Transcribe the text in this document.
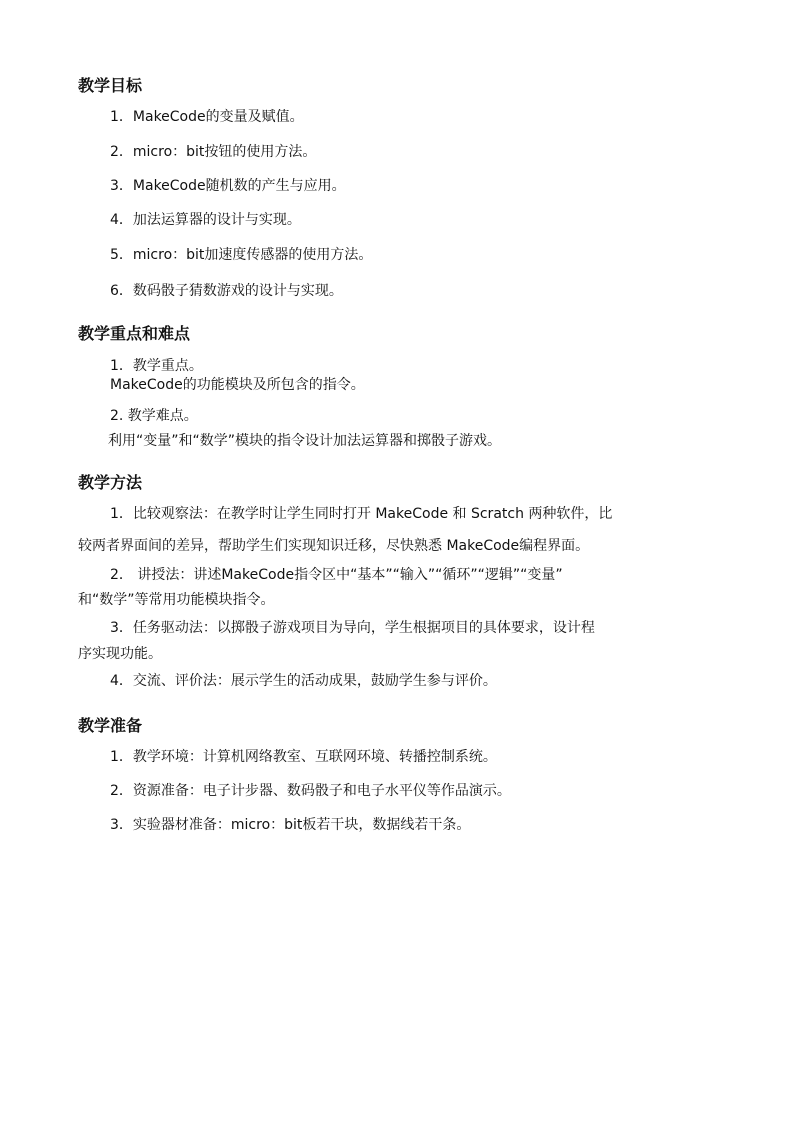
教学目标
1．MakeCode的变量及赋值。
2．micro：bit按钮的使用方法。
3．MakeCode随机数的产生与应用。
4．加法运算器的设计与实现。
5．micro：bit加速度传感器的使用方法。
6．数码骰子猜数游戏的设计与实现。
教学重点和难点
1．教学重点。
MakeCode的功能模块及所包含的指令。
2. 教学难点。
利用“变量”和“数学”模块的指令设计加法运算器和掷骰子游戏。
教学方法
1．比较观察法：在教学时让学生同时打开 MakeCode 和 Scratch 两种软件，比
较两者界面间的差异，帮助学生们实现知识迁移，尽快熟悉 MakeCode编程界面。
2． 讲授法：讲述MakeCode指令区中“基本”“输入”“循环”“逻辑”“变量”
和“数学”等常用功能模块指令。
3．任务驱动法：以掷骰子游戏项目为导向，学生根据项目的具体要求，设计程
序实现功能。
4．交流、评价法：展示学生的活动成果，鼓励学生参与评价。
教学准备
1．教学环境：计算机网络教室、互联网环境、转播控制系统。
2．资源准备：电子计步器、数码骰子和电子水平仪等作品演示。
3．实验器材准备：micro：bit板若干块，数据线若干条。
